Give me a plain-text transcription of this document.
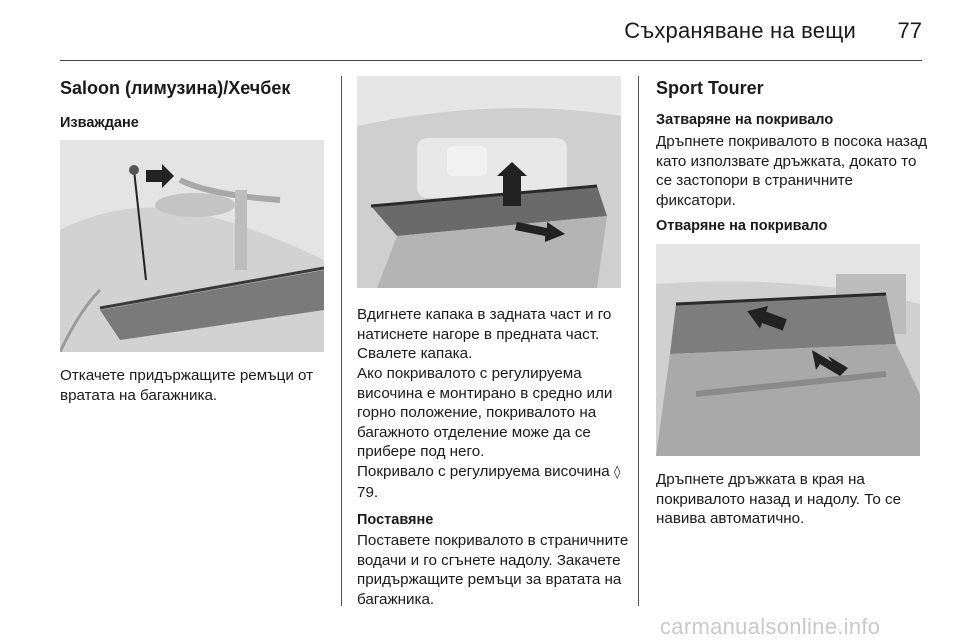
Съхраняване на вещи	77
Saloon (лимузина)/Хечбек
Изваждане

Откачете придържащите ремъци от вратата на багажника.

Вдигнете капака в задната част и го натиснете нагоре в предната част.

Свалете капака.

Ако покривалото с регулируема височина е монтирано в средно или горно положение, покривалото на багажното отделение може да се прибере под него.

Покривало с регулируема височина ◊ 79.

Поставяне

Поставете покривалото в страничните водачи и го сгънете надолу. Закачете придържащите ремъци за вратата на багажника.

Sport Tourer
Затваряне на покривало

Дръпнете покривалото в посока назад като използвате дръжката, докато то се застопори в страничните фиксатори.

Отваряне на покривало

Дръпнете дръжката в края на покривалото назад и надолу. То се навива автоматично.

carmanualsonline.info
